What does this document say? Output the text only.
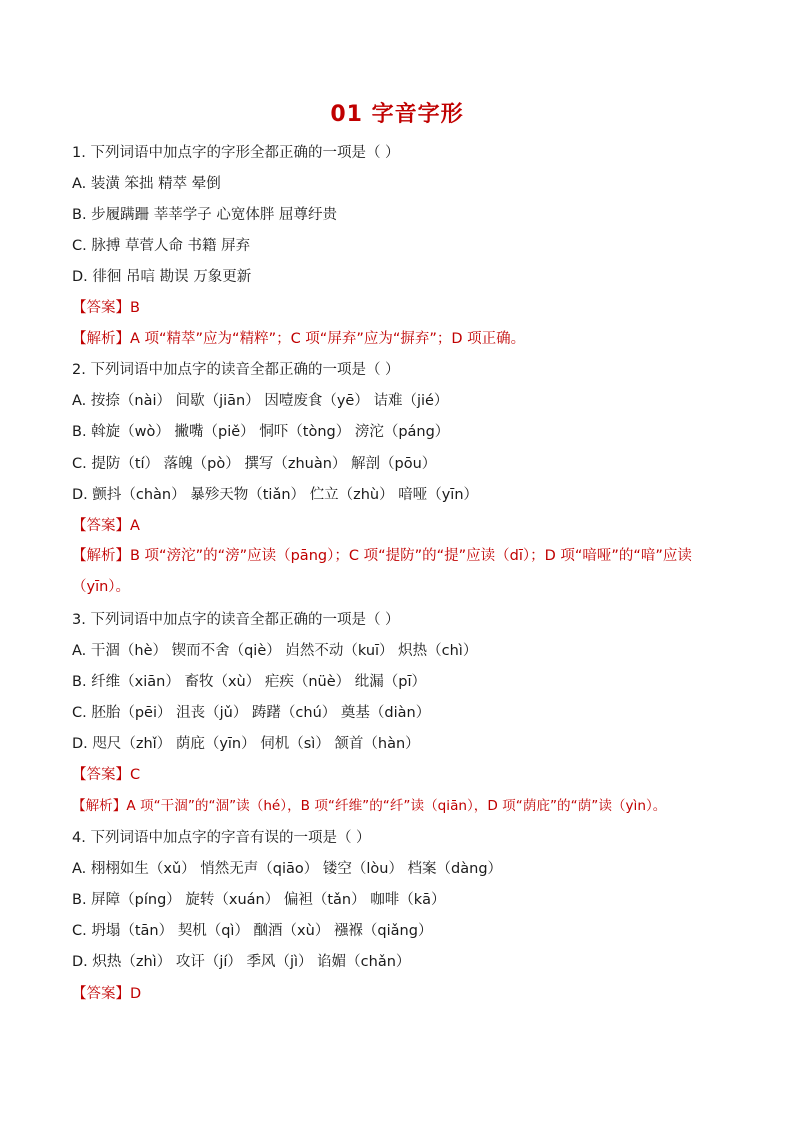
01 字音字形
1. 下列词语中加点字的字形全都正确的一项是（ ）
A. 装潢 笨拙 精萃 晕倒
B. 步履蹒跚 莘莘学子 心宽体胖 屈尊纡贵
C. 脉搏 草菅人命 书籍 屏弃
D. 徘徊 吊唁 勘误 万象更新
【答案】B
【解析】A 项“精萃”应为“精粹”；C 项“屏弃”应为“摒弃”；D 项正确。
2. 下列词语中加点字的读音全都正确的一项是（ ）
A. 按捺（nài） 间歇（jiān） 因噎废食（yē） 诘难（jié）
B. 斡旋（wò） 撇嘴（piě） 恫吓（tòng） 滂沱（páng）
C. 提防（tí） 落魄（pò） 撰写（zhuàn） 解剖（pōu）
D. 颤抖（chàn） 暴殄天物（tiǎn） 伫立（zhù） 喑哑（yīn）
【答案】A
【解析】B 项“滂沱”的“滂”应读（pāng）；C 项“提防”的“提”应读（dī）；D 项“喑哑”的“喑”应读（yīn）。
3. 下列词语中加点字的读音全都正确的一项是（ ）
A. 干涸（hè） 锲而不舍（qiè） 岿然不动（kuī） 炽热（chì）
B. 纤维（xiān） 畜牧（xù） 疟疾（nüè） 纰漏（pī）
C. 胚胎（pēi） 沮丧（jǔ） 踌躇（chú） 奠基（diàn）
D. 咫尺（zhǐ） 荫庇（yīn） 伺机（sì） 颔首（hàn）
【答案】C
【解析】A 项“干涸”的“涸”读（hé），B 项“纤维”的“纤”读（qiān），D 项“荫庇”的“荫”读（yìn）。
4. 下列词语中加点字的字音有误的一项是（ ）
A. 栩栩如生（xǔ） 悄然无声（qiāo） 镂空（lòu） 档案（dàng）
B. 屏障（píng） 旋转（xuán） 偏袒（tǎn） 咖啡（kā）
C. 坍塌（tān） 契机（qì） 酗酒（xù） 襁褓（qiǎng）
D. 炽热（zhì） 攻讦（jí） 季风（jì） 谄媚（chǎn）
【答案】D
